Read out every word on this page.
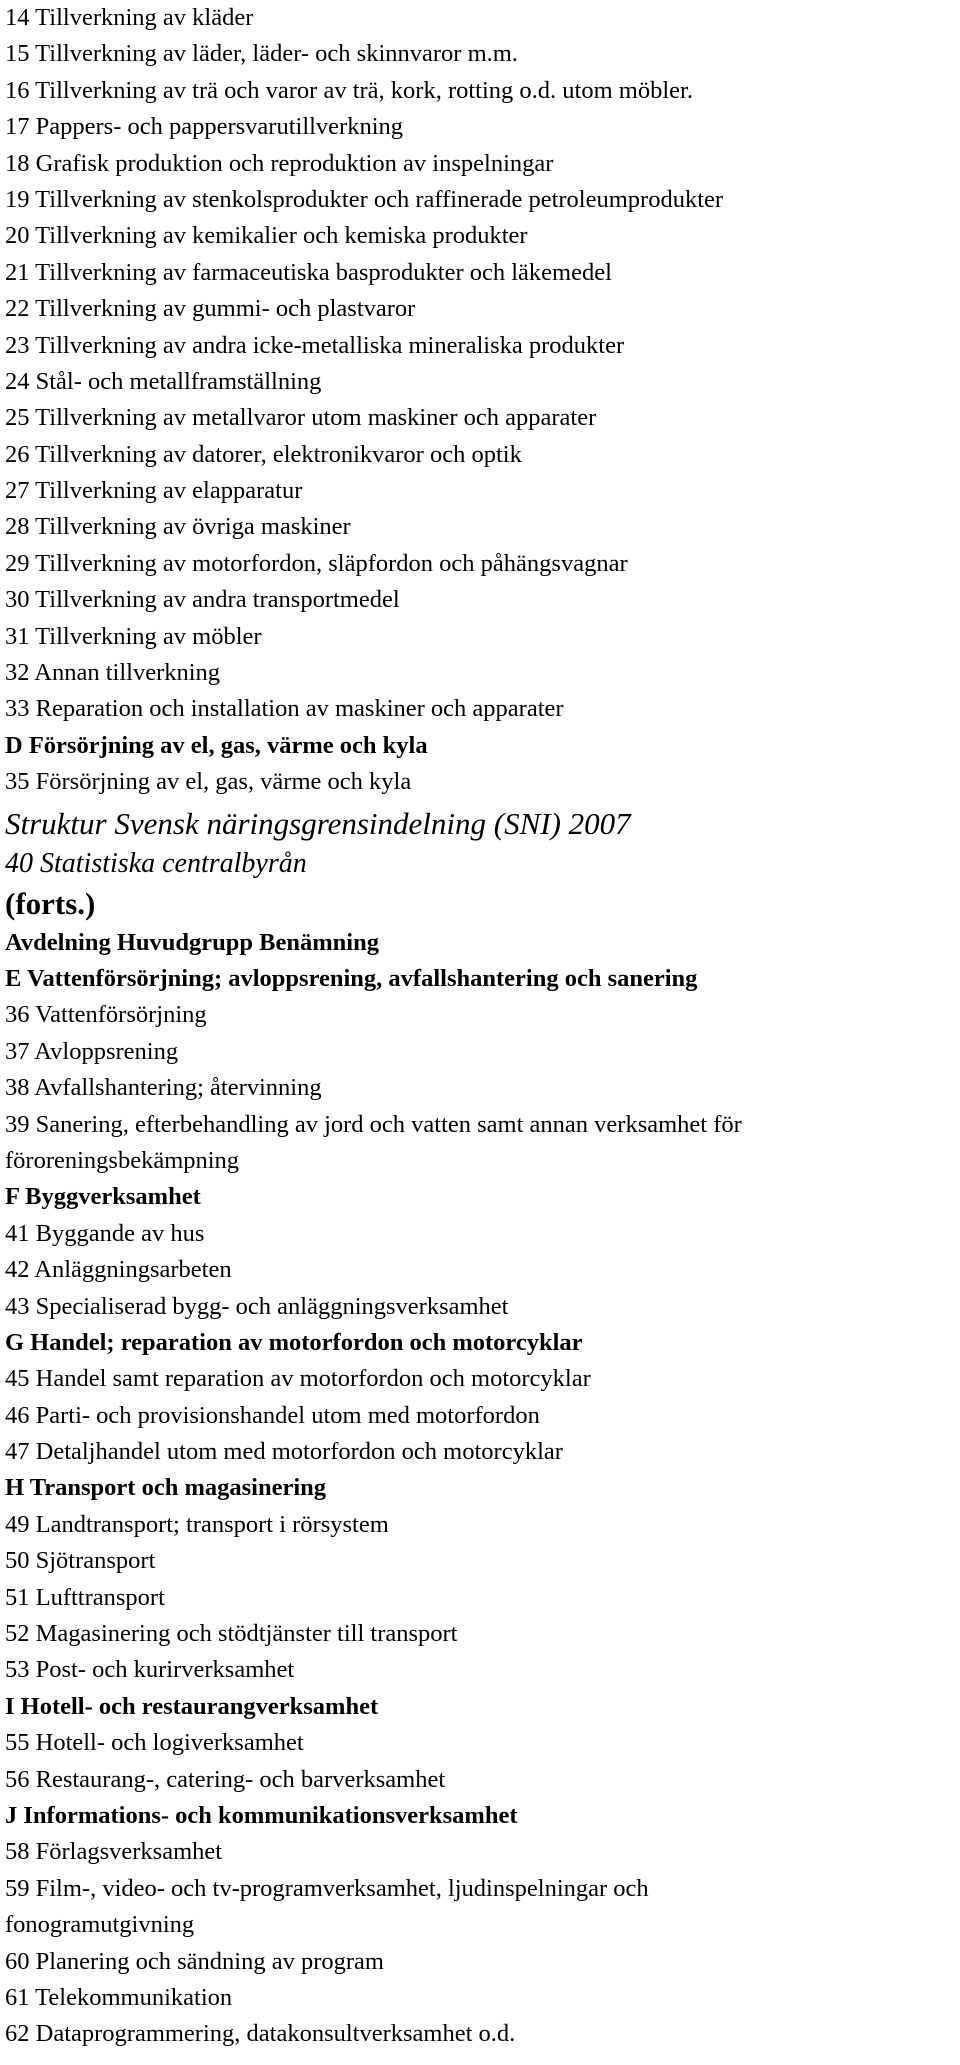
14 Tillverkning av kläder
15 Tillverkning av läder, läder- och skinnvaror m.m.
16 Tillverkning av trä och varor av trä, kork, rotting o.d. utom möbler.
17 Pappers- och pappersvarutillverkning
18 Grafisk produktion och reproduktion av inspelningar
19 Tillverkning av stenkolsprodukter och raffinerade petroleumprodukter
20 Tillverkning av kemikalier och kemiska produkter
21 Tillverkning av farmaceutiska basprodukter och läkemedel
22 Tillverkning av gummi- och plastvaror
23 Tillverkning av andra icke-metalliska mineraliska produkter
24 Stål- och metallframställning
25 Tillverkning av metallvaror utom maskiner och apparater
26 Tillverkning av datorer, elektronikvaror och optik
27 Tillverkning av elapparatur
28 Tillverkning av övriga maskiner
29 Tillverkning av motorfordon, släpfordon och påhängsvagnar
30 Tillverkning av andra transportmedel
31 Tillverkning av möbler
32 Annan tillverkning
33 Reparation och installation av maskiner och apparater
D Försörjning av el, gas, värme och kyla
35 Försörjning av el, gas, värme och kyla
Struktur Svensk näringsgrensindelning (SNI) 2007
40 Statistiska centralbyrån
(forts.)
Avdelning Huvudgrupp Benämning
E Vattenförsörjning; avloppsrening, avfallshantering och sanering
36 Vattenförsörjning
37 Avloppsrening
38 Avfallshantering; återvinning
39 Sanering, efterbehandling av jord och vatten samt annan verksamhet för
föroreningsbekämpning
F Byggverksamhet
41 Byggande av hus
42 Anläggningsarbeten
43 Specialiserad bygg- och anläggningsverksamhet
G Handel; reparation av motorfordon och motorcyklar
45 Handel samt reparation av motorfordon och motorcyklar
46 Parti- och provisionshandel utom med motorfordon
47 Detaljhandel utom med motorfordon och motorcyklar
H Transport och magasinering
49 Landtransport; transport i rörsystem
50 Sjötransport
51 Lufttransport
52 Magasinering och stödtjänster till transport
53 Post- och kurirverksamhet
I Hotell- och restaurangverksamhet
55 Hotell- och logiverksamhet
56 Restaurang-, catering- och barverksamhet
J Informations- och kommunikationsverksamhet
58 Förlagsverksamhet
59 Film-, video- och tv-programverksamhet, ljudinspelningar och
fonogramutgivning
60 Planering och sändning av program
61 Telekommunikation
62 Dataprogrammering, datakonsultverksamhet o.d.
